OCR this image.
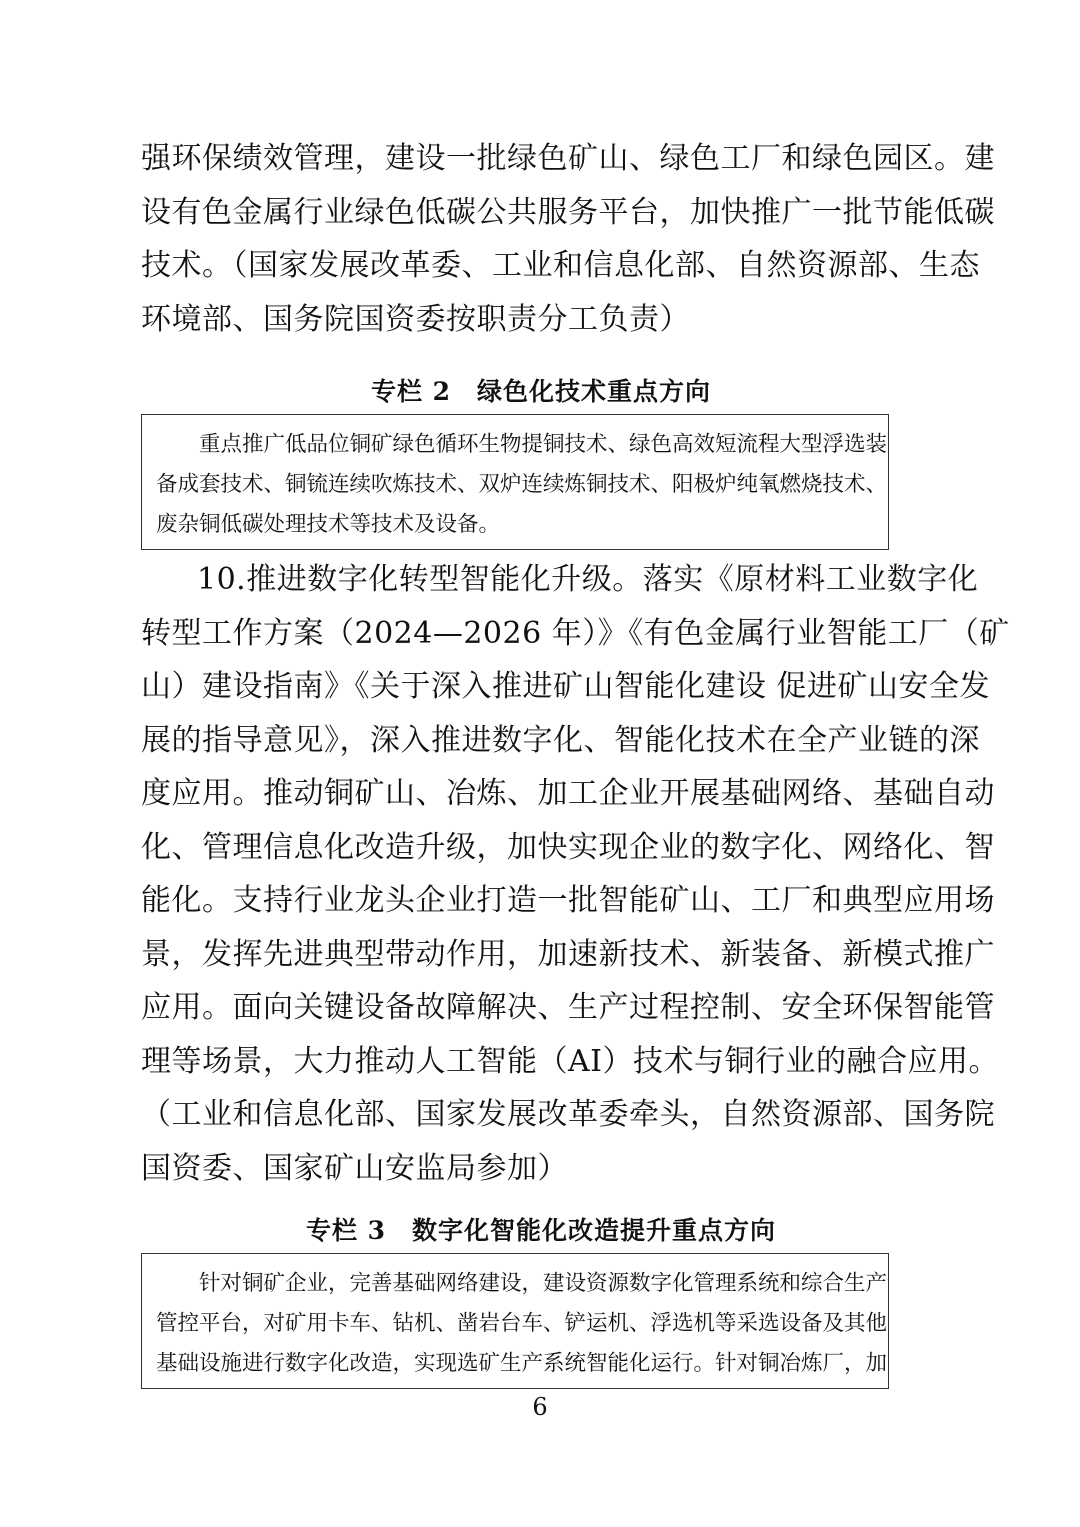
强环保绩效管理，建设一批绿色矿山、绿色工厂和绿色园区。建
设有色金属行业绿色低碳公共服务平台，加快推广一批节能低碳
技术。（国家发展改革委、工业和信息化部、自然资源部、生态
环境部、国务院国资委按职责分工负责）
专栏 2　绿色化技术重点方向
重点推广低品位铜矿绿色循环生物提铜技术、绿色高效短流程大型浮选装
备成套技术、铜锍连续吹炼技术、双炉连续炼铜技术、阳极炉纯氧燃烧技术、
废杂铜低碳处理技术等技术及设备。
10.推进数字化转型智能化升级。落实《原材料工业数字化
转型工作方案（2024—2026 年）》《有色金属行业智能工厂（矿
山）建设指南》《关于深入推进矿山智能化建设 促进矿山安全发
展的指导意见》，深入推进数字化、智能化技术在全产业链的深
度应用。推动铜矿山、冶炼、加工企业开展基础网络、基础自动
化、管理信息化改造升级，加快实现企业的数字化、网络化、智
能化。支持行业龙头企业打造一批智能矿山、工厂和典型应用场
景，发挥先进典型带动作用，加速新技术、新装备、新模式推广
应用。面向关键设备故障解决、生产过程控制、安全环保智能管
理等场景，大力推动人工智能（AI）技术与铜行业的融合应用。
（工业和信息化部、国家发展改革委牵头，自然资源部、国务院
国资委、国家矿山安监局参加）
专栏 3　数字化智能化改造提升重点方向
针对铜矿企业，完善基础网络建设，建设资源数字化管理系统和综合生产
管控平台，对矿用卡车、钻机、凿岩台车、铲运机、浮选机等采选设备及其他
基础设施进行数字化改造，实现选矿生产系统智能化运行。针对铜冶炼厂，加
6
